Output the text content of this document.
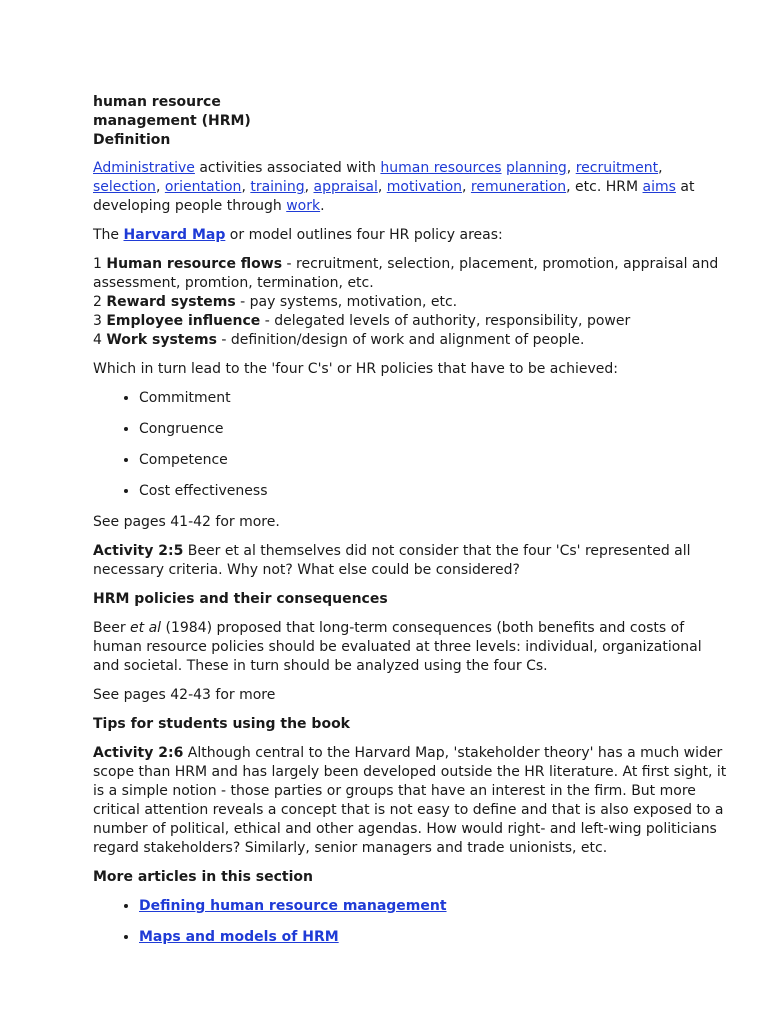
human resource
management (HRM)
Definition

Administrative activities associated with human resources planning, recruitment, selection, orientation, training, appraisal, motivation, remuneration, etc. HRM aims at developing people through work.

The Harvard Map or model outlines four HR policy areas:

1 Human resource flows - recruitment, selection, placement, promotion, appraisal and assessment, promtion, termination, etc.

2 Reward systems - pay systems, motivation, etc.

3 Employee influence - delegated levels of authority, responsibility, power

4 Work systems - definition/design of work and alignment of people.

Which in turn lead to the 'four C's' or HR policies that have to be achieved:

• Commitment
• Congruence
• Competence
• Cost effectiveness

See pages 41-42 for more.

Activity 2:5 Beer et al themselves did not consider that the four 'Cs' represented all necessary criteria. Why not? What else could be considered?

HRM policies and their consequences

Beer et al (1984) proposed that long-term consequences (both benefits and costs of human resource policies should be evaluated at three levels: individual, organizational and societal. These in turn should be analyzed using the four Cs.

See pages 42-43 for more

Tips for students using the book

Activity 2:6 Although central to the Harvard Map, 'stakeholder theory' has a much wider scope than HRM and has largely been developed outside the HR literature. At first sight, it is a simple notion - those parties or groups that have an interest in the firm. But more critical attention reveals a concept that is not easy to define and that is also exposed to a number of political, ethical and other agendas. How would right- and left-wing politicians regard stakeholders? Similarly, senior managers and trade unionists, etc.

More articles in this section
• Defining human resource management
• Maps and models of HRM
